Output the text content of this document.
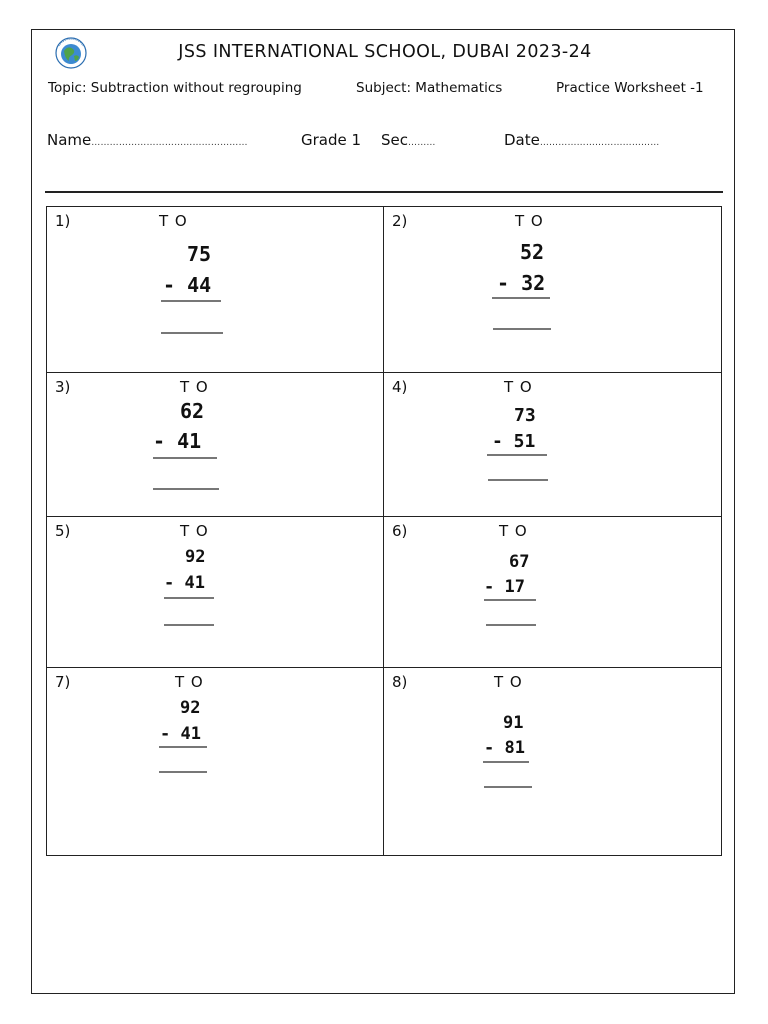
JSS INTERNATIONAL SCHOOL, DUBAI 2023-24
Topic: Subtraction without regrouping	Subject: Mathematics	Practice Worksheet -1
Name……………………………………………	Grade 1 Sec………	Date…………………………………
1)	T O
75
- 44
2)	T O
52
- 32
3)	T O
62
- 41
4)	T O
73
- 51
5)	T O
92
- 41
6)	T O
67
- 17
7)	T O
92
- 41
8)	T O
91
- 81
